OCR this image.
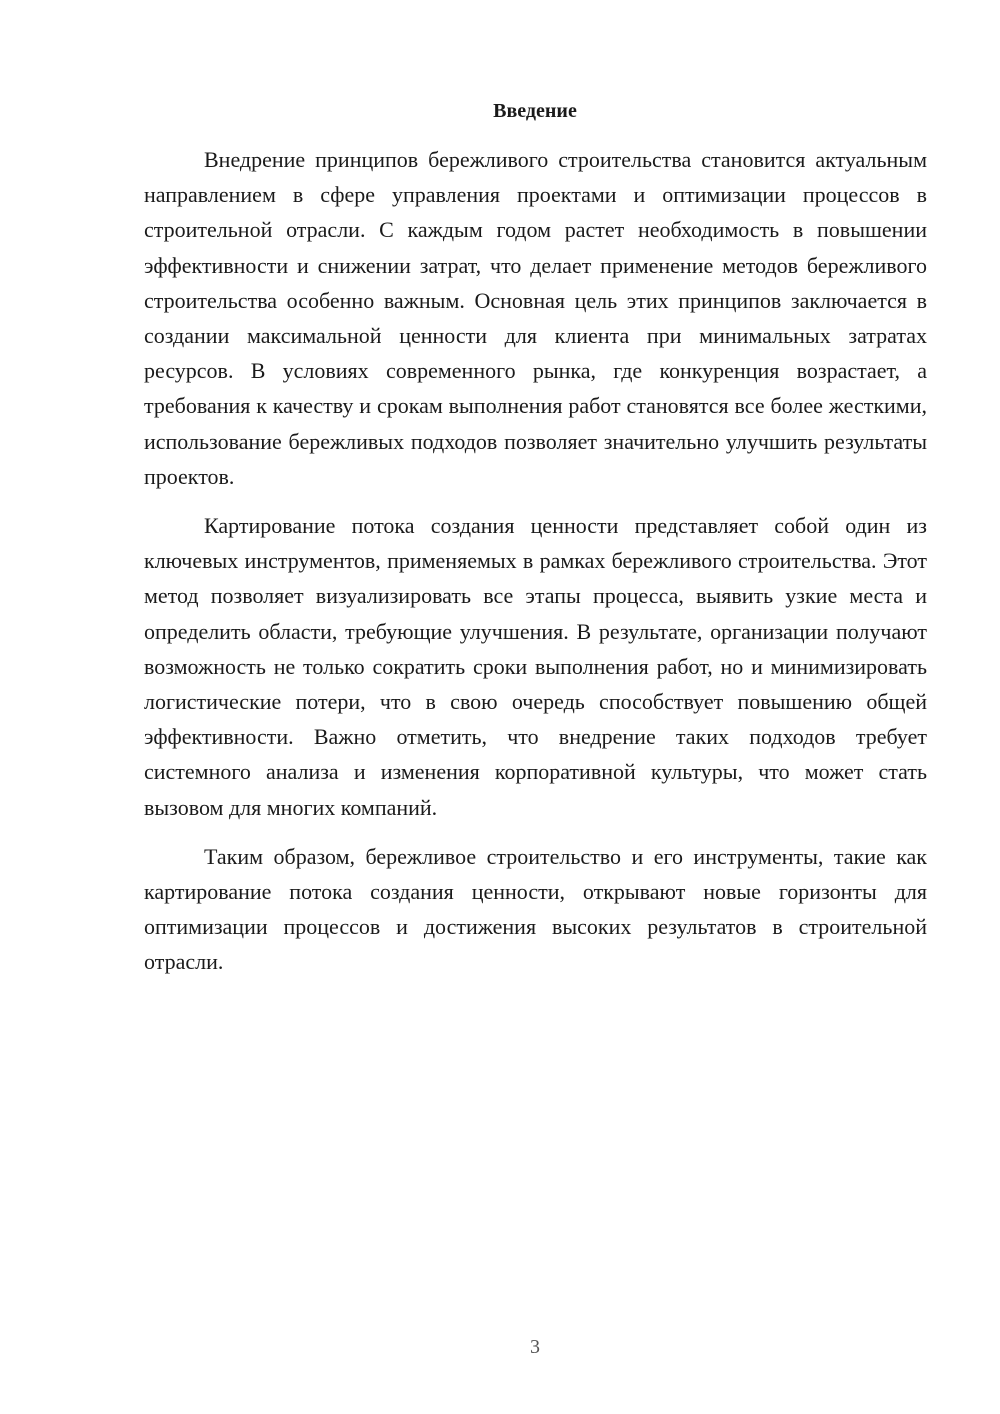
Введение

Внедрение принципов бережливого строительства становится актуальным направлением в сфере управления проектами и оптимизации процессов в строительной отрасли. С каждым годом растет необходимость в повышении эффективности и снижении затрат, что делает применение методов бережливого строительства особенно важным. Основная цель этих принципов заключается в создании максимальной ценности для клиента при минимальных затратах ресурсов. В условиях современного рынка, где конкуренция возрастает, а требования к качеству и срокам выполнения работ становятся все более жесткими, использование бережливых подходов позволяет значительно улучшить результаты проектов.

Картирование потока создания ценности представляет собой один из ключевых инструментов, применяемых в рамках бережливого строительства. Этот метод позволяет визуализировать все этапы процесса, выявить узкие места и определить области, требующие улучшения. В результате, организации получают возможность не только сократить сроки выполнения работ, но и минимизировать логистические потери, что в свою очередь способствует повышению общей эффективности. Важно отметить, что внедрение таких подходов требует системного анализа и изменения корпоративной культуры, что может стать вызовом для многих компаний.

Таким образом, бережливое строительство и его инструменты, такие как картирование потока создания ценности, открывают новые горизонты для оптимизации процессов и достижения высоких результатов в строительной отрасли.

3
